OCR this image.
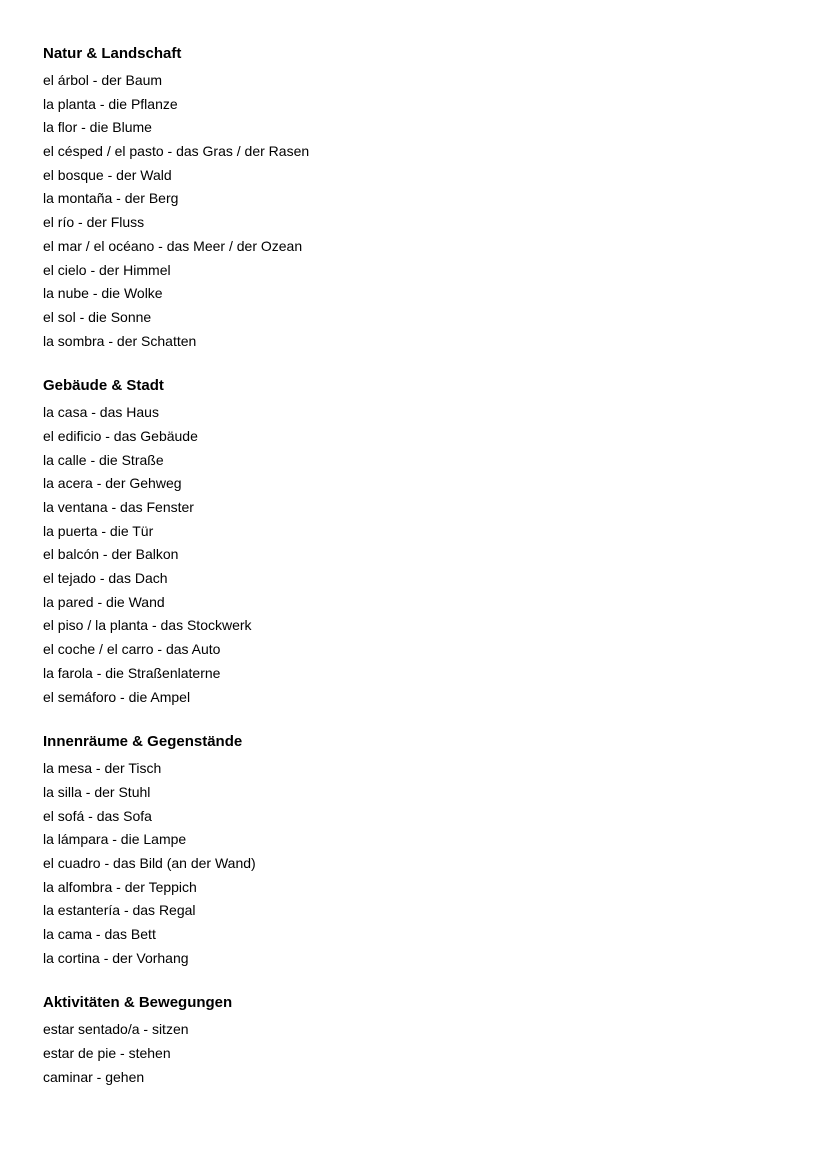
Natur & Landschaft
el árbol - der Baum
la planta - die Pflanze
la flor - die Blume
el césped / el pasto - das Gras / der Rasen
el bosque - der Wald
la montaña - der Berg
el río - der Fluss
el mar / el océano - das Meer / der Ozean
el cielo - der Himmel
la nube - die Wolke
el sol - die Sonne
la sombra - der Schatten
Gebäude & Stadt
la casa - das Haus
el edificio - das Gebäude
la calle - die Straße
la acera - der Gehweg
la ventana - das Fenster
la puerta - die Tür
el balcón - der Balkon
el tejado - das Dach
la pared - die Wand
el piso / la planta - das Stockwerk
el coche / el carro - das Auto
la farola - die Straßenlaterne
el semáforo - die Ampel
Innenräume & Gegenstände
la mesa - der Tisch
la silla - der Stuhl
el sofá - das Sofa
la lámpara - die Lampe
el cuadro - das Bild (an der Wand)
la alfombra - der Teppich
la estantería - das Regal
la cama - das Bett
la cortina - der Vorhang
Aktivitäten & Bewegungen
estar sentado/a - sitzen
estar de pie - stehen
caminar - gehen
